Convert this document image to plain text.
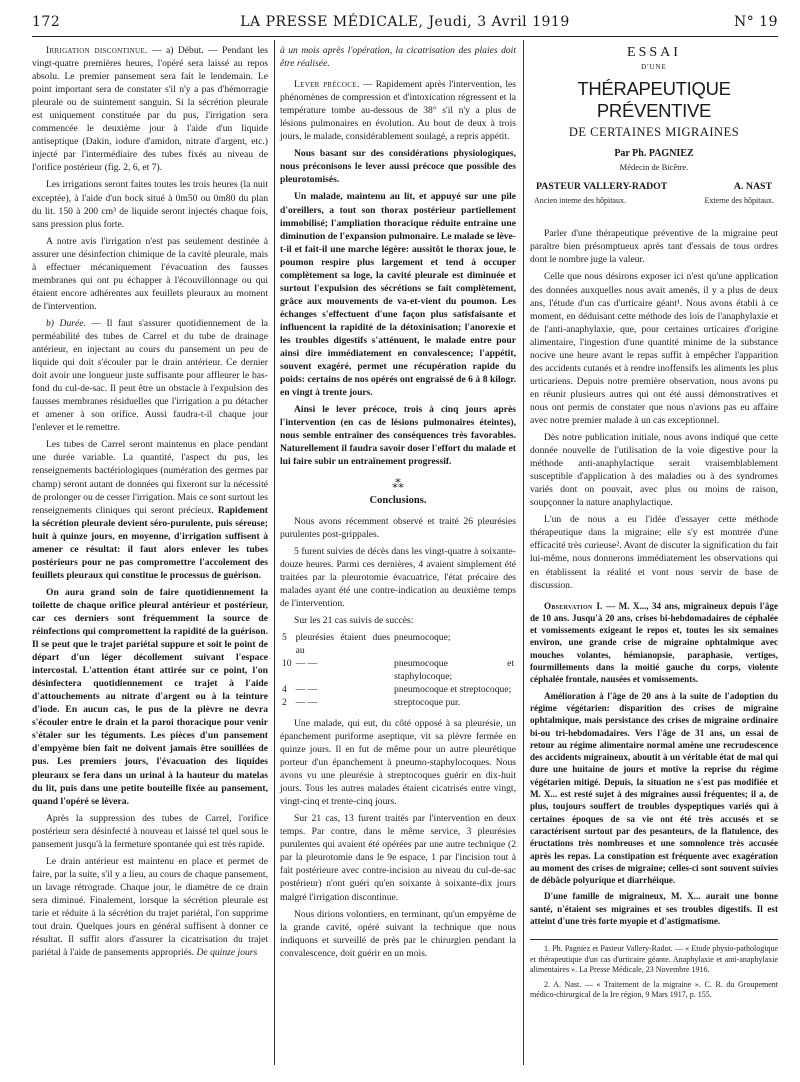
172	LA PRESSE MÉDICALE, Jeudi, 3 Avril 1919	N° 19

Irrigation discontinue. — a) Début. — Pendant les vingt-quatre premières heures, l'opéré sera laissé au repos absolu. Le premier pansement sera fait le lendemain. Le point important sera de constater s'il n'y a pas d'hémorragie pleurale ou de suintement sanguin. Si la sécrétion pleurale est uniquement constituée par du pus, l'irrigation sera commencée le deuxième jour à l'aide d'un liquide antiseptique (Dakin, iodure d'amidon, nitrate d'argent, etc.) injecté par l'intermédiaire des tubes fixés au niveau de l'orifice postérieur (fig. 2, 6, et 7).

Les irrigations seront faites toutes les trois heures (la nuit exceptée), à l'aide d'un bock situé à 0m50 ou 0m80 du plan du lit. 150 à 200 cm³ de liquide seront injectés chaque fois, sans pression plus forte.

A notre avis l'irrigation n'est pas seulement destinée à assurer une désinfection chimique de la cavité pleurale, mais à effectuer mécaniquement l'évacuation des fausses membranes qui ont pu échapper à l'écouvillonnage ou qui étaient encore adhérentes aux feuillets pleuraux au moment de l'intervention.

b) Durée. — Il faut s'assurer quotidiennement de la perméabilité des tubes de Carrel et du tube de drainage antérieur, en injectant au cours du pansement un peu de liquide qui doit s'écouler par le drain antérieur. Ce dernier doit avoir une longueur juste suffisante pour affleurer le bas-fond du cul-de-sac. Il peut être un obstacle à l'expulsion des fausses membranes résiduelles que l'irrigation a pu détacher et amener à son orifice. Aussi faudra-t-il chaque jour l'enlever et le remettre.

Les tubes de Carrel seront maintenus en place pendant une durée variable. La quantité, l'aspect du pus, les renseignements bactériologiques (numération des germes par champ) seront autant de données qui fixeront sur la nécessité de prolonger ou de cesser l'irrigation. Mais ce sont surtout les renseignements cliniques qui seront précieux. Rapidement la sécrétion pleurale devient séro-purulente, puis séreuse; huit à quinze jours, en moyenne, d'irrigation suffisent à amener ce résultat: il faut alors enlever les tubes postérieurs pour ne pas compromettre l'accolement des feuillets pleuraux qui constitue le processus de guérison.

On aura grand soin de faire quotidiennement la toilette de chaque orifice pleural antérieur et postérieur, car ces derniers sont fréquemment la source de réinfections qui compromettent la rapidité de la guérison. Il se peut que le trajet pariétal suppure et soit le point de départ d'un léger décollement suivant l'espace intercostal. L'attention étant attirée sur ce point, l'on désinfectera quotidiennement ce trajet à l'aide d'attouchements au nitrate d'argent ou à la teinture d'iode. En aucun cas, le pus de la plèvre ne devra s'écouler entre le drain et la paroi thoracique pour venir s'étaler sur les téguments. Les pièces d'un pansement d'empyème bien fait ne doivent jamais être souillées de pus. Les premiers jours, l'évacuation des liquides pleuraux se fera dans un urinal à la hauteur du matelas du lit, puis dans une petite bouteille fixée au pansement, quand l'opéré se lèvera.

Après la suppression des tubes de Carrel, l'orifice postérieur sera désinfecté à nouveau et laissé tel quel sous le pansement jusqu'à la fermeture spontanée qui est très rapide.

Le drain antérieur est maintenu en place et permet de faire, par la suite, s'il y a lieu, au cours de chaque pansement, un lavage rétrograde. Chaque jour, le diamètre de ce drain sera diminué. Finalement, lorsque la sécrétion pleurale est tarie et réduite à la sécrétion du trajet pariétal, l'on supprime tout drain. Quelques jours en général suffisent à donner ce résultat. Il suffit alors d'assurer la cicatrisation du trajet pariétal à l'aide de pansements appropriés. De quinze jours

à un mois après l'opération, la cicatrisation des plaies doit être réalisée.

Lever précoce. — Rapidement après l'intervention, les phénomènes de compression et d'intoxication régressent et la température tombe au-dessous de 38° s'il n'y a plus de lésions pulmonaires en évolution. Au bout de deux à trois jours, le malade, considérablement soulagé, a repris appétit.

Nous basant sur des considérations physiologiques, nous préconisons le lever aussi précoce que possible des pleurotomisés.

Un malade, maintenu au lit, et appuyé sur une pile d'oreillers, a tout son thorax postérieur partiellement immobilisé; l'ampliation thoracique réduite entraîne une diminution de l'expansion pulmonaire. Le malade se lève-t-il et fait-il une marche légère: aussitôt le thorax joue, le poumon respire plus largement et tend à occuper complètement sa loge, la cavité pleurale est diminuée et surtout l'expulsion des sécrétions se fait complètement, grâce aux mouvements de va-et-vient du poumon. Les échanges s'effectuent d'une façon plus satisfaisante et influencent la rapidité de la détoxinisation; l'anorexie et les troubles digestifs s'atténuent, le malade entre pour ainsi dire immédiatement en convalescence; l'appétit, souvent exagéré, permet une récupération rapide du poids: certains de nos opérés ont engraissé de 6 à 8 kilogr. en vingt à trente jours.

Ainsi le lever précoce, trois à cinq jours après l'intervention (en cas de lésions pulmonaires éteintes), nous semble entraîner des conséquences très favorables. Naturellement il faudra savoir doser l'effort du malade et lui faire subir un entraînement progressif.

⁂
Conclusions.

Nous avons récemment observé et traité 26 pleurésies purulentes post-grippales.

5 furent suivies de décès dans les vingt-quatre à soixante-douze heures. Parmi ces dernières, 4 avaient simplement été traitées par la pleurotomie évacuatrice, l'état précaire des malades ayant été une contre-indication au deuxième temps de l'intervention.

Sur les 21 cas suivis de succès:

5	pleurésies étaient dues au	pneumocoque;
10	— —	pneumocoque et staphylocoque;
4	— —	pneumocoque et streptocoque;
2	— —	streptocoque pur.

Une malade, qui eut, du côté opposé à sa pleurésie, un épanchement puriforme aseptique, vit sa plèvre fermée en quinze jours. Il en fut de même pour un autre pleurétique porteur d'un épanchement à pneumo-staphylocoques. Nous avons vu une pleurésie à streptocoques guérir en dix-huit jours. Tous les autres malades étaient cicatrisés entre vingt, vingt-cinq et trente-cinq jours.

Sur 21 cas, 13 furent traités par l'intervention en deux temps. Par contre, dans le même service, 3 pleurésies purulentes qui avaient été opérées par une autre technique (2 par la pleurotomie dans le 9e espace, 1 par l'incision tout à fait postérieure avec contre-incision au niveau du cul-de-sac postérieur) n'ont guéri qu'en soixante à soixante-dix jours malgré l'irrigation discontinue.

Nous dirions volontiers, en terminant, qu'un empyème de la grande cavité, opéré suivant la technique que nous indiquons et surveillé de près par le chirurgien pendant la convalescence, doit guérir en un mois.

ESSAI
D'UNE
THÉRAPEUTIQUE PRÉVENTIVE
DE CERTAINES MIGRAINES
Par Ph. PAGNIEZ
Médecin de Bicêtre.
PASTEUR VALLERY-RADOT	A. NAST
Ancien interne des hôpitaux.	Externe des hôpitaux.

Parler d'une thérapeutique préventive de la migraine peut paraître bien présomptueux après tant d'essais de tous ordres dont le nombre juge la valeur.

Celle que nous désirons exposer ici n'est qu'une application des données auxquelles nous avait amenés, il y a plus de deux ans, l'étude d'un cas d'urticaire géant¹. Nous avons établi à ce moment, en déduisant cette méthode des lois de l'anaphylaxie et de l'anti-anaphylaxie, que, pour certaines urticaires d'origine alimentaire, l'ingestion d'une quantité minime de la substance nocive une heure avant le repas suffit à empêcher l'apparition des accidents cutanés et à rendre inoffensifs les aliments les plus urticariens. Depuis notre première observation, nous avons pu en réunir plusieurs autres qui ont été aussi démonstratives et nous ont permis de constater que nous n'avions pas eu affaire avec notre premier malade à un cas exceptionnel.

Dès notre publication initiale, nous avons indiqué que cette donnée nouvelle de l'utilisation de la voie digestive pour la méthode anti-anaphylactique serait vraisemblablement susceptible d'application à des maladies ou à des syndromes variés dont on pouvait, avec plus ou moins de raison, soupçonner la nature anaphylactique.

L'un de nous a eu l'idée d'essayer cette méthode thérapeutique dans la migraine; elle s'y est montrée d'une efficacité très curieuse². Avant de discuter la signification du fait lui-même, nous donnerons immédiatement les observations qui en établissent la réalité et vont nous servir de base de discussion.

Observation I. — M. X..., 34 ans, migraineux depuis l'âge de 10 ans. Jusqu'à 20 ans, crises bi-hebdomadaires de céphalée et vomissements exigeant le repos et, toutes les six semaines environ, une grande crise de migraine ophtalmique avec mouches volantes, hémianopsie, paraphasie, vertiges, fourmillements dans la moitié gauche du corps, violente céphalée frontale, nausées et vomissements.

Amélioration à l'âge de 20 ans à la suite de l'adoption du régime végétarien: disparition des crises de migraine ophtalmique, mais persistance des crises de migraine ordinaire bi-ou tri-hebdomadaires. Vers l'âge de 31 ans, un essai de retour au régime alimentaire normal amène une recrudescence des accidents migraineux, aboutit à un véritable état de mal qui dure une huitaine de jours et motive la reprise du régime végétarien mitigé. Depuis, la situation ne s'est pas modifiée et M. X... est resté sujet à des migraines aussi fréquentes; il a, de plus, toujours souffert de troubles dyspeptiques variés qui à certaines époques de sa vie ont été très accusés et se caractérisent surtout par des pesanteurs, de la flatulence, des éructations très nombreuses et une somnolence très accusée après les repas. La constipation est fréquente avec exagération au moment des crises de migraine; celles-ci sont souvent suivies de débâcle polyurique et diarrhéique.

D'une famille de migraineux, M. X... aurait une bonne santé, n'étaient ses migraines et ses troubles digestifs. Il est atteint d'une très forte myopie et d'astigmatisme.

1. Ph. Pagniez et Pasteur Vallery-Radot. — « Etude physio-pathologique et thérapeutique d'un cas d'urticaire géante. Anaphylaxie et anti-anaphylaxie alimentaires ». La Presse Médicale, 23 Novembre 1916.

2. A. Nast. — « Traitement de la migraine ». C. R. du Groupement médico-chirurgical de la Ire région, 9 Mars 1917, p. 155.
